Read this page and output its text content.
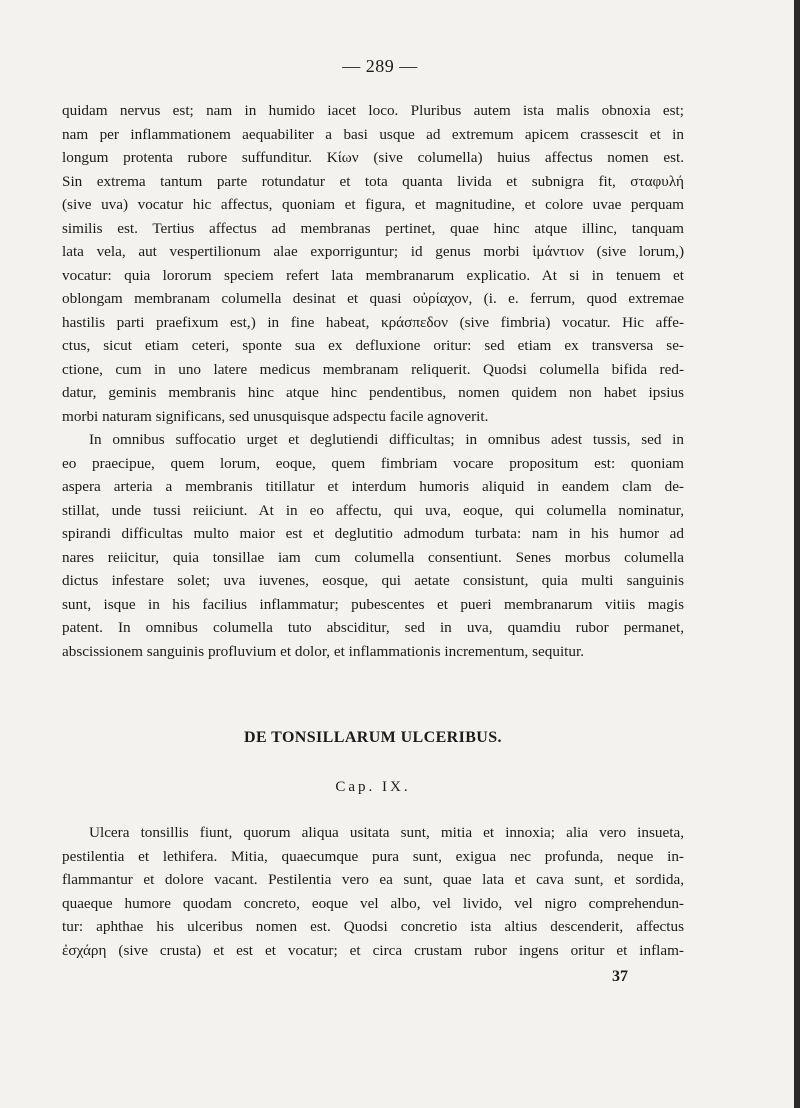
— 289 —
quidam nervus est; nam in humido iacet loco. Pluribus autem ista malis obnoxia est;
nam per inflammationem aequabiliter a basi usque ad extremum apicem crassescit et in
longum protenta rubore suffunditur. Κίων (sive columella) huius affectus nomen est.
Sin extrema tantum parte rotundatur et tota quanta livida et subnigra fit, σταφυλή
(sive uva) vocatur hic affectus, quoniam et figura, et magnitudine, et colore uvae perquam
similis est. Tertius affectus ad membranas pertinet, quae hinc atque illinc, tanquam
lata vela, aut vespertilionum alae exporriguntur; id genus morbi ἱμάντιον (sive lorum,)
vocatur: quia lororum speciem refert lata membranarum explicatio. At si in tenuem et
oblongam membranam columella desinat et quasi οὐρίαχον, (i. e. ferrum, quod extremae
hastilis parti praefixum est,) in fine habeat, κράσπεδον (sive fimbria) vocatur. Hic affe-
ctus, sicut etiam ceteri, sponte sua ex defluxione oritur: sed etiam ex transversa se-
ctione, cum in uno latere medicus membranam reliquerit. Quodsi columella bifida red-
datur, geminis membranis hinc atque hinc pendentibus, nomen quidem non habet ipsius
morbi naturam significans, sed unusquisque adspectu facile agnoverit.
In omnibus suffocatio urget et deglutiendi difficultas; in omnibus adest tussis, sed in
eo praecipue, quem lorum, eoque, quem fimbriam vocare propositum est: quoniam
aspera arteria a membranis titillatur et interdum humoris aliquid in eandem clam de-
stillat, unde tussi reiiciunt. At in eo affectu, qui uva, eoque, qui columella nominatur,
spirandi difficultas multo maior est et deglutitio admodum turbata: nam in his humor ad
nares reiicitur, quia tonsillae iam cum columella consentiunt. Senes morbus columella
dictus infestare solet; uva iuvenes, eosque, qui aetate consistunt, quia multi sanguinis
sunt, isque in his facilius inflammatur; pubescentes et pueri membranarum vitiis magis
patent. In omnibus columella tuto absciditur, sed in uva, quamdiu rubor permanet,
abscissionem sanguinis profluvium et dolor, et inflammationis incrementum, sequitur.
DE TONSILLARUM ULCERIBUS.
Cap. IX.
Ulcera tonsillis fiunt, quorum aliqua usitata sunt, mitia et innoxia; alia vero insueta,
pestilentia et lethifera. Mitia, quaecumque pura sunt, exigua nec profunda, neque in-
flammantur et dolore vacant. Pestilentia vero ea sunt, quae lata et cava sunt, et sordida,
quaeque humore quodam concreto, eoque vel albo, vel livido, vel nigro comprehendun-
tur: aphthae his ulceribus nomen est. Quodsi concretio ista altius descenderit, affectus
ἐσχάρη (sive crusta) et est et vocatur; et circa crustam rubor ingens oritur et inflam-
37
